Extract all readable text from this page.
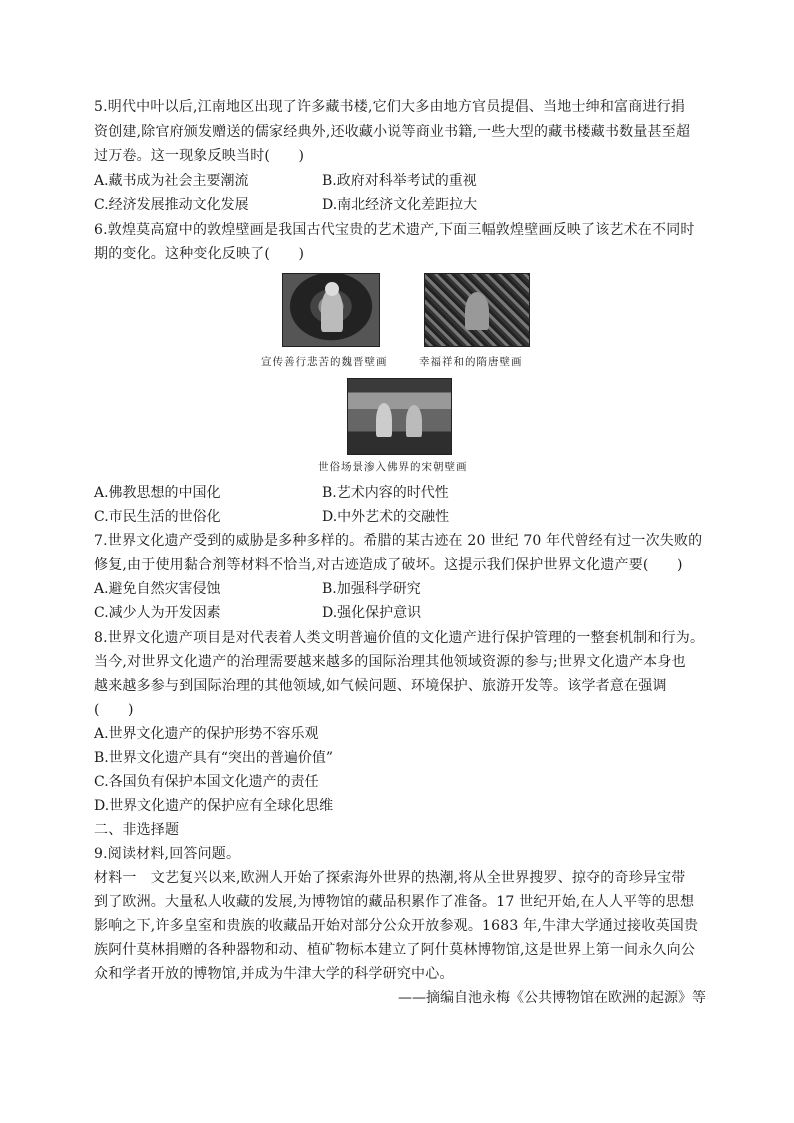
5.明代中叶以后,江南地区出现了许多藏书楼,它们大多由地方官员提倡、当地士绅和富商进行捐
资创建,除官府颁发赠送的儒家经典外,还收藏小说等商业书籍,一些大型的藏书楼藏书数量甚至超
过万卷。这一现象反映当时(　　)
A.藏书成为社会主要潮流	B.政府对科举考试的重视
C.经济发展推动文化发展	D.南北经济文化差距拉大
6.敦煌莫高窟中的敦煌壁画是我国古代宝贵的艺术遗产,下面三幅敦煌壁画反映了该艺术在不同时
期的变化。这种变化反映了(　　)
宣传善行悲苦的魏晋壁画	幸福祥和的隋唐壁画
世俗场景渗入佛界的宋朝壁画
A.佛教思想的中国化	B.艺术内容的时代性
C.市民生活的世俗化	D.中外艺术的交融性
7.世界文化遗产受到的威胁是多种多样的。希腊的某古迹在 20 世纪 70 年代曾经有过一次失败的
修复,由于使用黏合剂等材料不恰当,对古迹造成了破坏。这提示我们保护世界文化遗产要(　　)
A.避免自然灾害侵蚀	B.加强科学研究
C.减少人为开发因素	D.强化保护意识
8.世界文化遗产项目是对代表着人类文明普遍价值的文化遗产进行保护管理的一整套机制和行为。
当今,对世界文化遗产的治理需要越来越多的国际治理其他领域资源的参与;世界文化遗产本身也
越来越多参与到国际治理的其他领域,如气候问题、环境保护、旅游开发等。该学者意在强调
(　　)
A.世界文化遗产的保护形势不容乐观
B.世界文化遗产具有“突出的普遍价值”
C.各国负有保护本国文化遗产的责任
D.世界文化遗产的保护应有全球化思维
二、非选择题
9.阅读材料,回答问题。
材料一　文艺复兴以来,欧洲人开始了探索海外世界的热潮,将从全世界搜罗、掠夺的奇珍异宝带
到了欧洲。大量私人收藏的发展,为博物馆的藏品积累作了准备。17 世纪开始,在人人平等的思想
影响之下,许多皇室和贵族的收藏品开始对部分公众开放参观。1683 年,牛津大学通过接收英国贵
族阿什莫林捐赠的各种器物和动、植矿物标本建立了阿什莫林博物馆,这是世界上第一间永久向公
众和学者开放的博物馆,并成为牛津大学的科学研究中心。
——摘编自池永梅《公共博物馆在欧洲的起源》等
